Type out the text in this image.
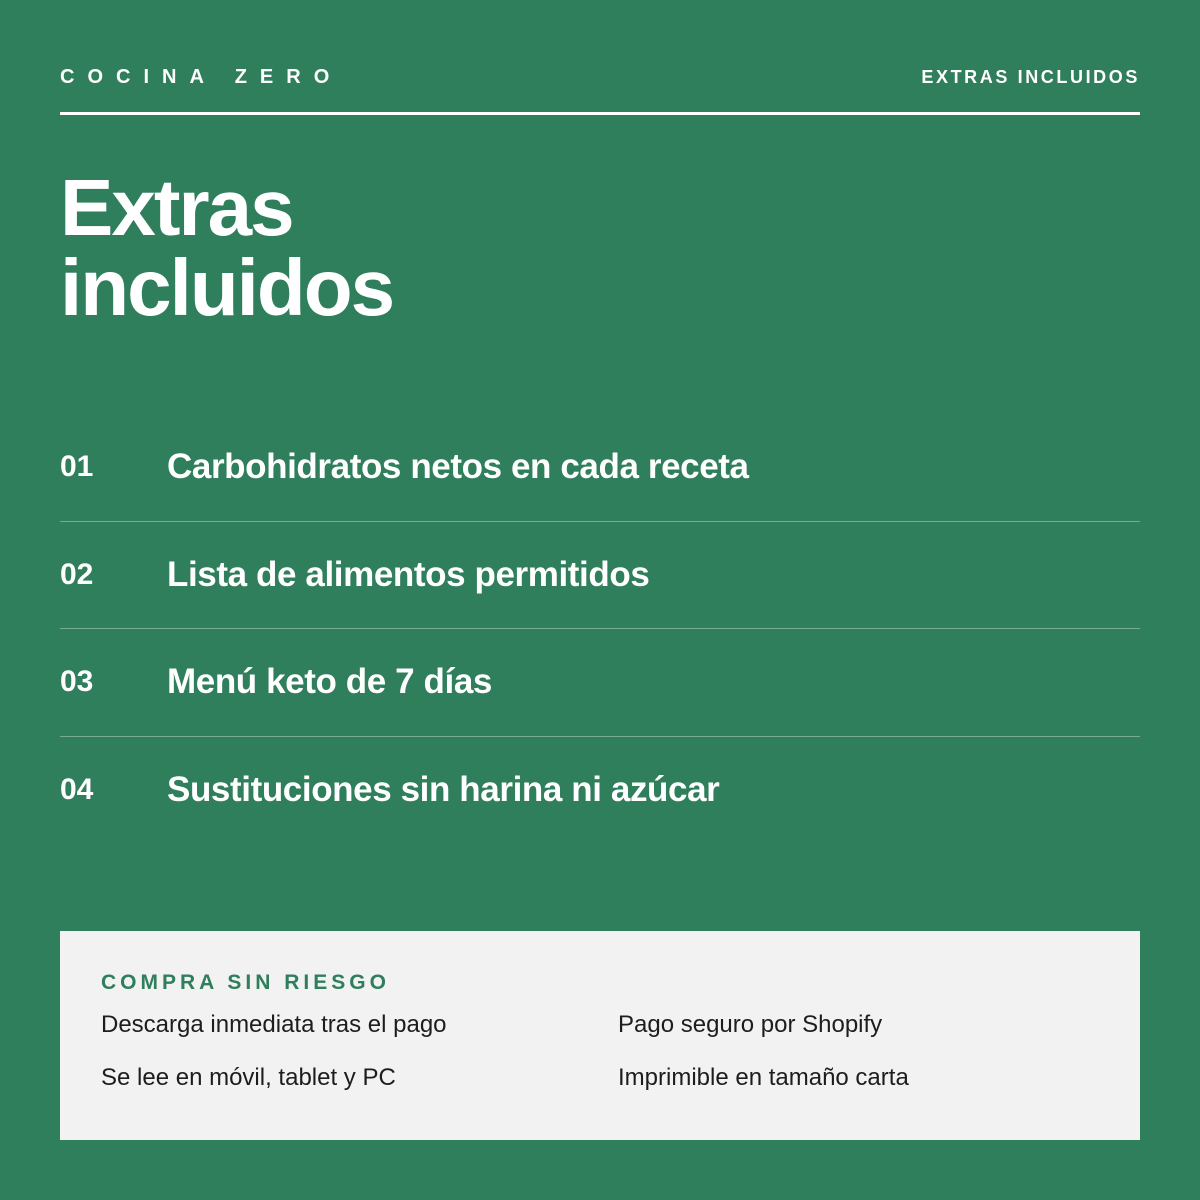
COCINA ZERO	EXTRAS INCLUIDOS
Extras
incluidos
01	Carbohidratos netos en cada receta
02	Lista de alimentos permitidos
03	Menú keto de 7 días
04	Sustituciones sin harina ni azúcar
COMPRA SIN RIESGO
Descarga inmediata tras el pago	Pago seguro por Shopify
Se lee en móvil, tablet y PC	Imprimible en tamaño carta
